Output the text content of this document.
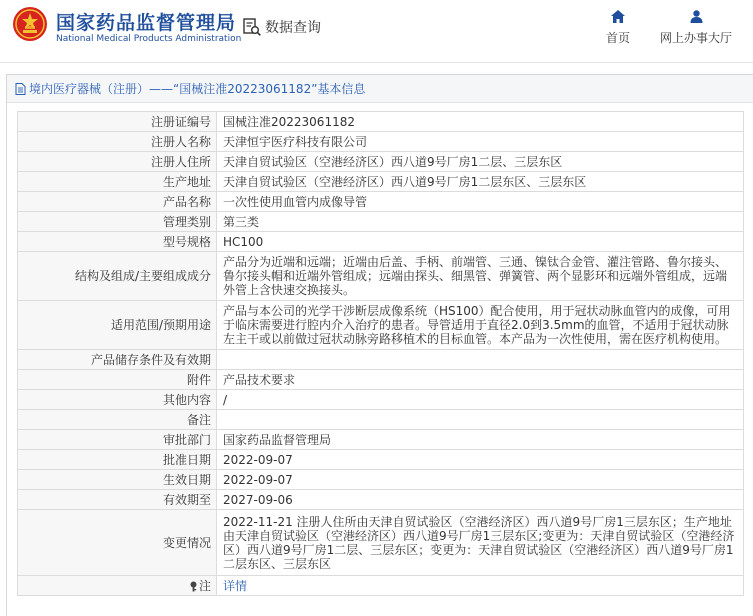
国家药品监督管理局
National Medical Products Administration
数据查询
首页	网上办事大厅
境内医疗器械（注册）——“国械注准20223061182”基本信息
注册证编号	国械注准20223061182
注册人名称	天津恒宇医疗科技有限公司
注册人住所	天津自贸试验区（空港经济区）西八道9号厂房1二层、三层东区
生产地址	天津自贸试验区（空港经济区）西八道9号厂房1二层东区、三层东区
产品名称	一次性使用血管内成像导管
管理类别	第三类
型号规格	HC100
结构及组成/主要组成成分	产品分为近端和远端；近端由后盖、手柄、前端管、三通、镍钛合金管、灌注管路、鲁尔接头、鲁尔接头帽和近端外管组成；远端由探头、细黑管、弹簧管、两个显影环和远端外管组成，远端外管上含快速交换接头。
适用范围/预期用途	产品与本公司的光学干涉断层成像系统（HS100）配合使用，用于冠状动脉血管内的成像，可用于临床需要进行腔内介入治疗的患者。导管适用于直径2.0到3.5mm的血管，不适用于冠状动脉左主干或以前做过冠状动脉旁路移植术的目标血管。本产品为一次性使用，需在医疗机构使用。
产品储存条件及有效期	
附件	产品技术要求
其他内容	/
备注	
审批部门	国家药品监督管理局
批准日期	2022-09-07
生效日期	2022-09-07
有效期至	2027-09-06
变更情况	2022-11-21 注册人住所由天津自贸试验区（空港经济区）西八道9号厂房1三层东区；生产地址由天津自贸试验区（空港经济区）西八道9号厂房1三层东区;变更为：天津自贸试验区（空港经济区）西八道9号厂房1二层、三层东区；变更为：天津自贸试验区（空港经济区）西八道9号厂房1二层东区、三层东区
注	详情
